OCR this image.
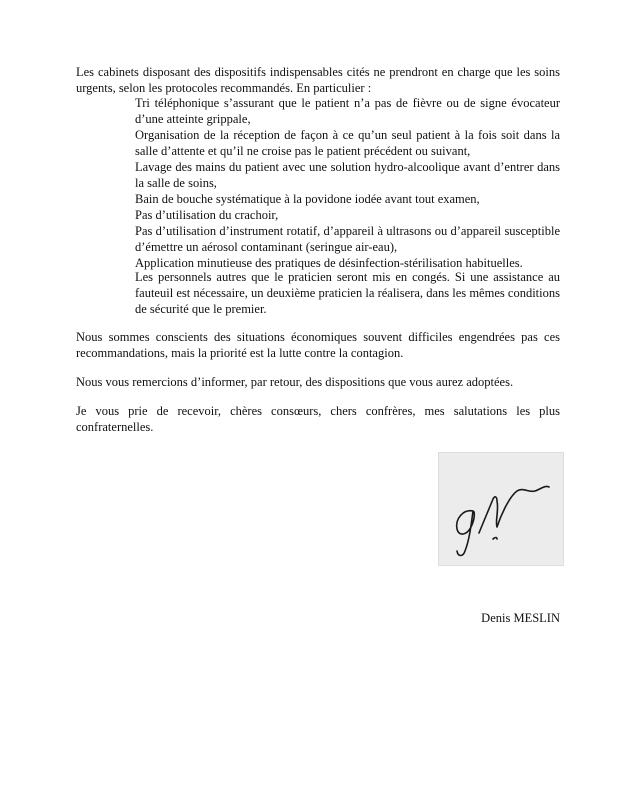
Les cabinets disposant des dispositifs indispensables cités ne prendront en charge que les soins urgents, selon les protocoles recommandés. En particulier :

Tri téléphonique s’assurant que le patient n’a pas de fièvre ou de signe évocateur d’une atteinte grippale,
Organisation de la réception de façon à ce qu’un seul patient à la fois soit dans la salle d’attente et qu’il ne croise pas le patient précédent ou suivant,
Lavage des mains du patient avec une solution hydro-alcoolique avant d’entrer dans la salle de soins,
Bain de bouche systématique à la povidone iodée avant tout examen,
Pas d’utilisation du crachoir,
Pas d’utilisation d’instrument rotatif, d’appareil à ultrasons ou d’appareil susceptible d’émettre un aérosol contaminant (seringue air-eau),
Application minutieuse des pratiques de désinfection-stérilisation habituelles.

Les personnels autres que le praticien seront mis en congés. Si une assistance au fauteuil est nécessaire, un deuxième praticien la réalisera, dans les mêmes conditions de sécurité que le premier.

Nous sommes conscients des situations économiques souvent difficiles engendrées pas ces recommandations, mais la priorité est la lutte contre la contagion.

Nous vous remercions d’informer, par retour, des dispositions que vous aurez adoptées.

Je vous prie de recevoir, chères consœurs, chers confrères, mes salutations les plus confraternelles.

Denis MESLIN
